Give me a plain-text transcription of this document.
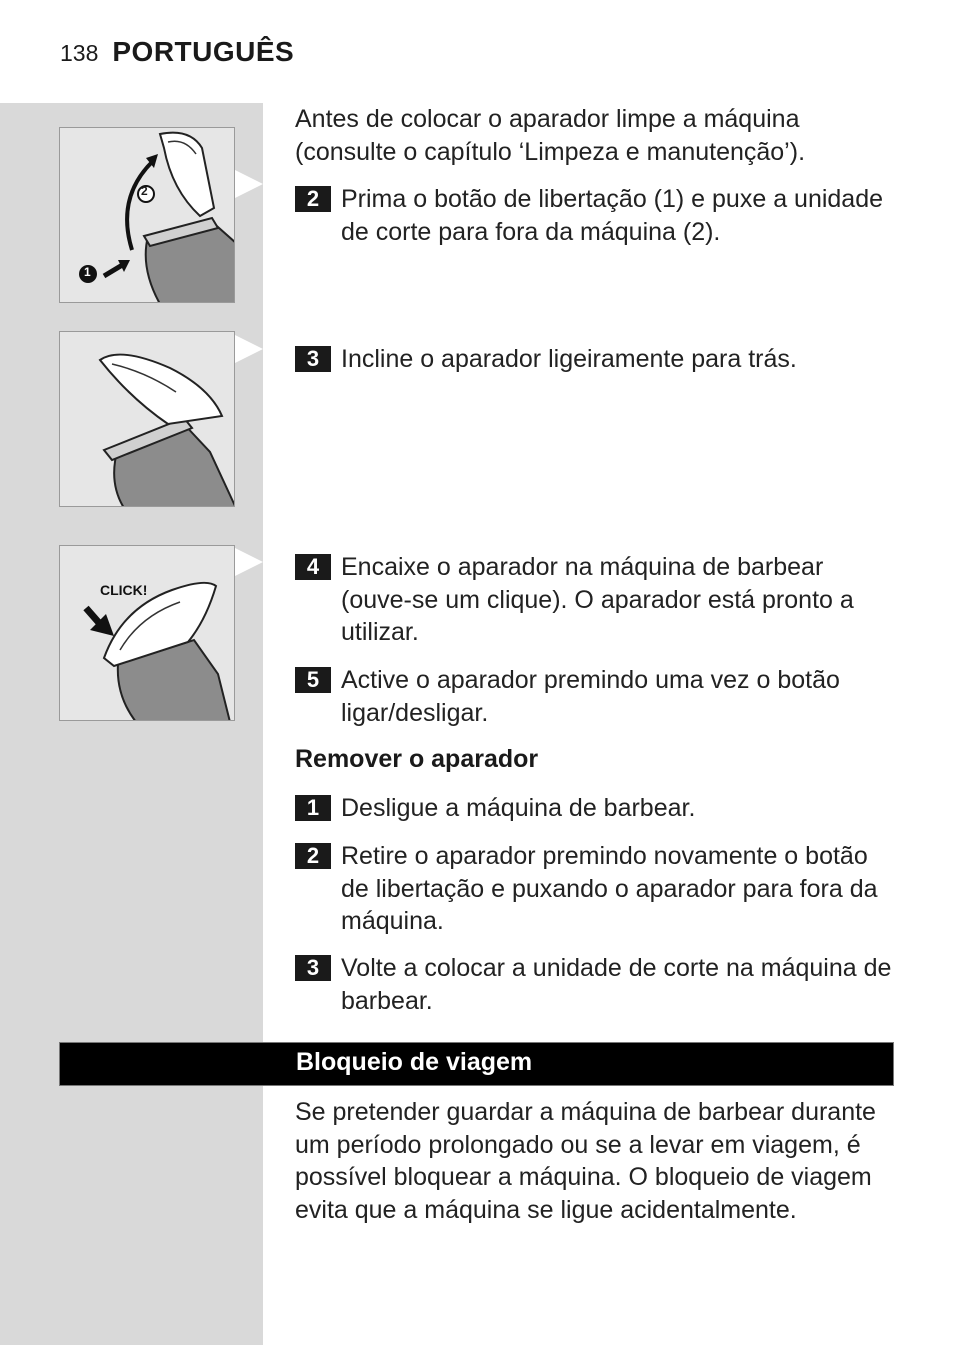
138 PORTUGUÊS
2
1
CLICK!
Antes de colocar o aparador limpe a máquina (consulte o capítulo ‘Limpeza e manutenção’).
2 Prima o botão de libertação (1) e puxe a unidade de corte para fora da máquina (2).
3 Incline o aparador ligeiramente para trás.
4 Encaixe o aparador na máquina de barbear (ouve-se um clique). O aparador está pronto a utilizar.
5 Active o aparador premindo uma vez o botão ligar/desligar.
Remover o aparador
1 Desligue a máquina de barbear.
2 Retire o aparador premindo novamente o botão de libertação e puxando o aparador para fora da máquina.
3 Volte a colocar a unidade de corte na máquina de barbear.
Bloqueio de viagem
Se pretender guardar a máquina de barbear durante um período prolongado ou se a levar em viagem, é possível bloquear a máquina. O bloqueio de viagem evita que a máquina se ligue acidentalmente.
